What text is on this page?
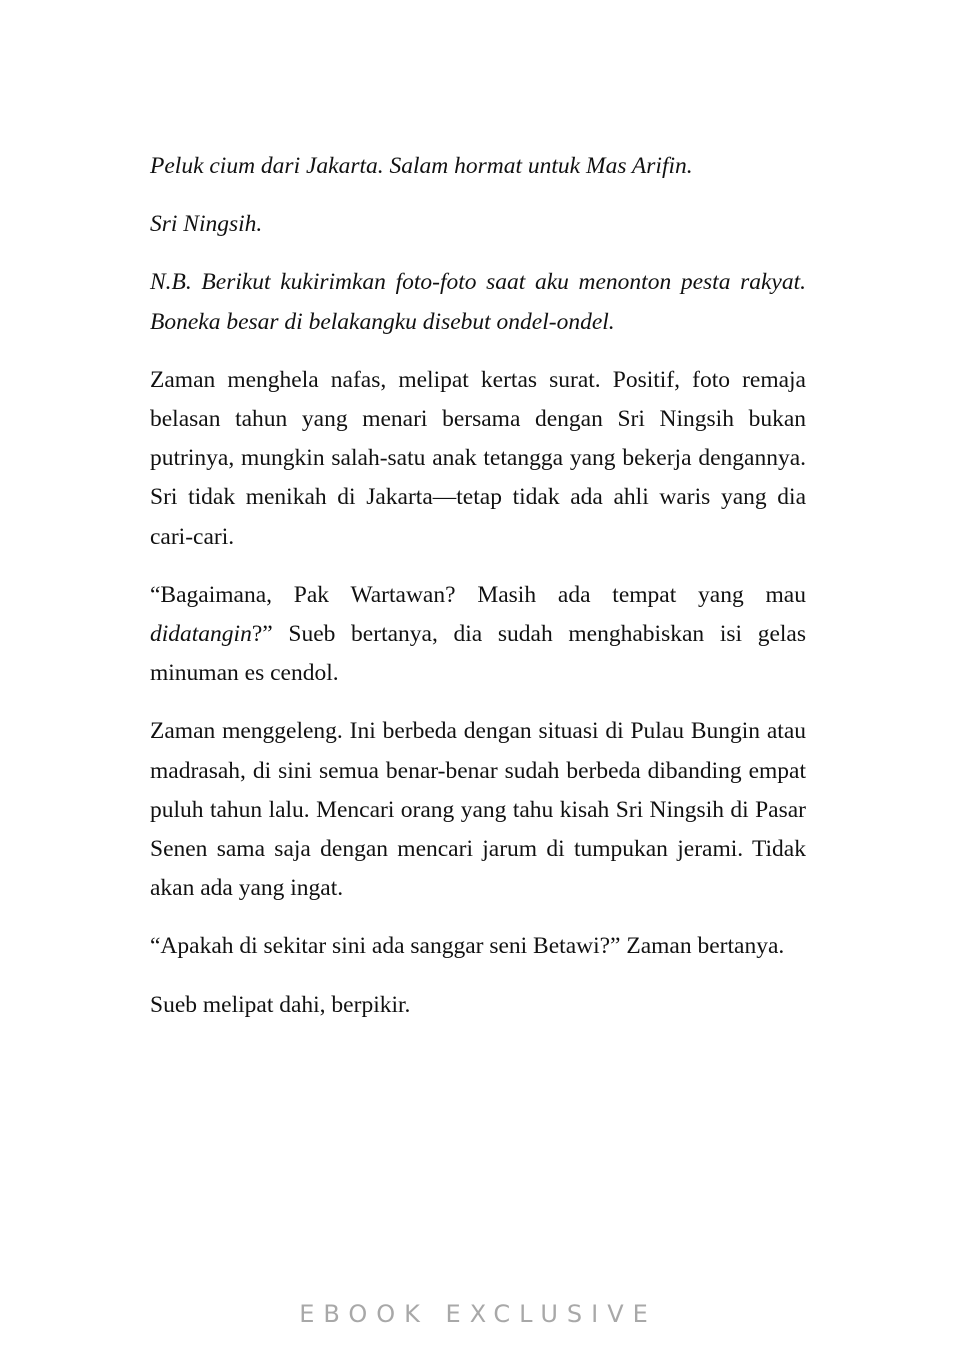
Peluk cium dari Jakarta. Salam hormat untuk Mas Arifin.

Sri Ningsih.

N.B. Berikut kukirimkan foto-foto saat aku menonton pesta rakyat. Boneka besar di belakangku disebut ondel-ondel.

Zaman menghela nafas, melipat kertas surat. Positif, foto remaja belasan tahun yang menari bersama dengan Sri Ningsih bukan putrinya, mungkin salah-satu anak tetangga yang bekerja dengannya. Sri tidak menikah di Jakarta—tetap tidak ada ahli waris yang dia cari-cari.

“Bagaimana, Pak Wartawan? Masih ada tempat yang mau didatangin?” Sueb bertanya, dia sudah menghabiskan isi gelas minuman es cendol.

Zaman menggeleng. Ini berbeda dengan situasi di Pulau Bungin atau madrasah, di sini semua benar-benar sudah berbeda dibanding empat puluh tahun lalu. Mencari orang yang tahu kisah Sri Ningsih di Pasar Senen sama saja dengan mencari jarum di tumpukan jerami. Tidak akan ada yang ingat.

“Apakah di sekitar sini ada sanggar seni Betawi?” Zaman bertanya.

Sueb melipat dahi, berpikir.

EBOOK EXCLUSIVE
